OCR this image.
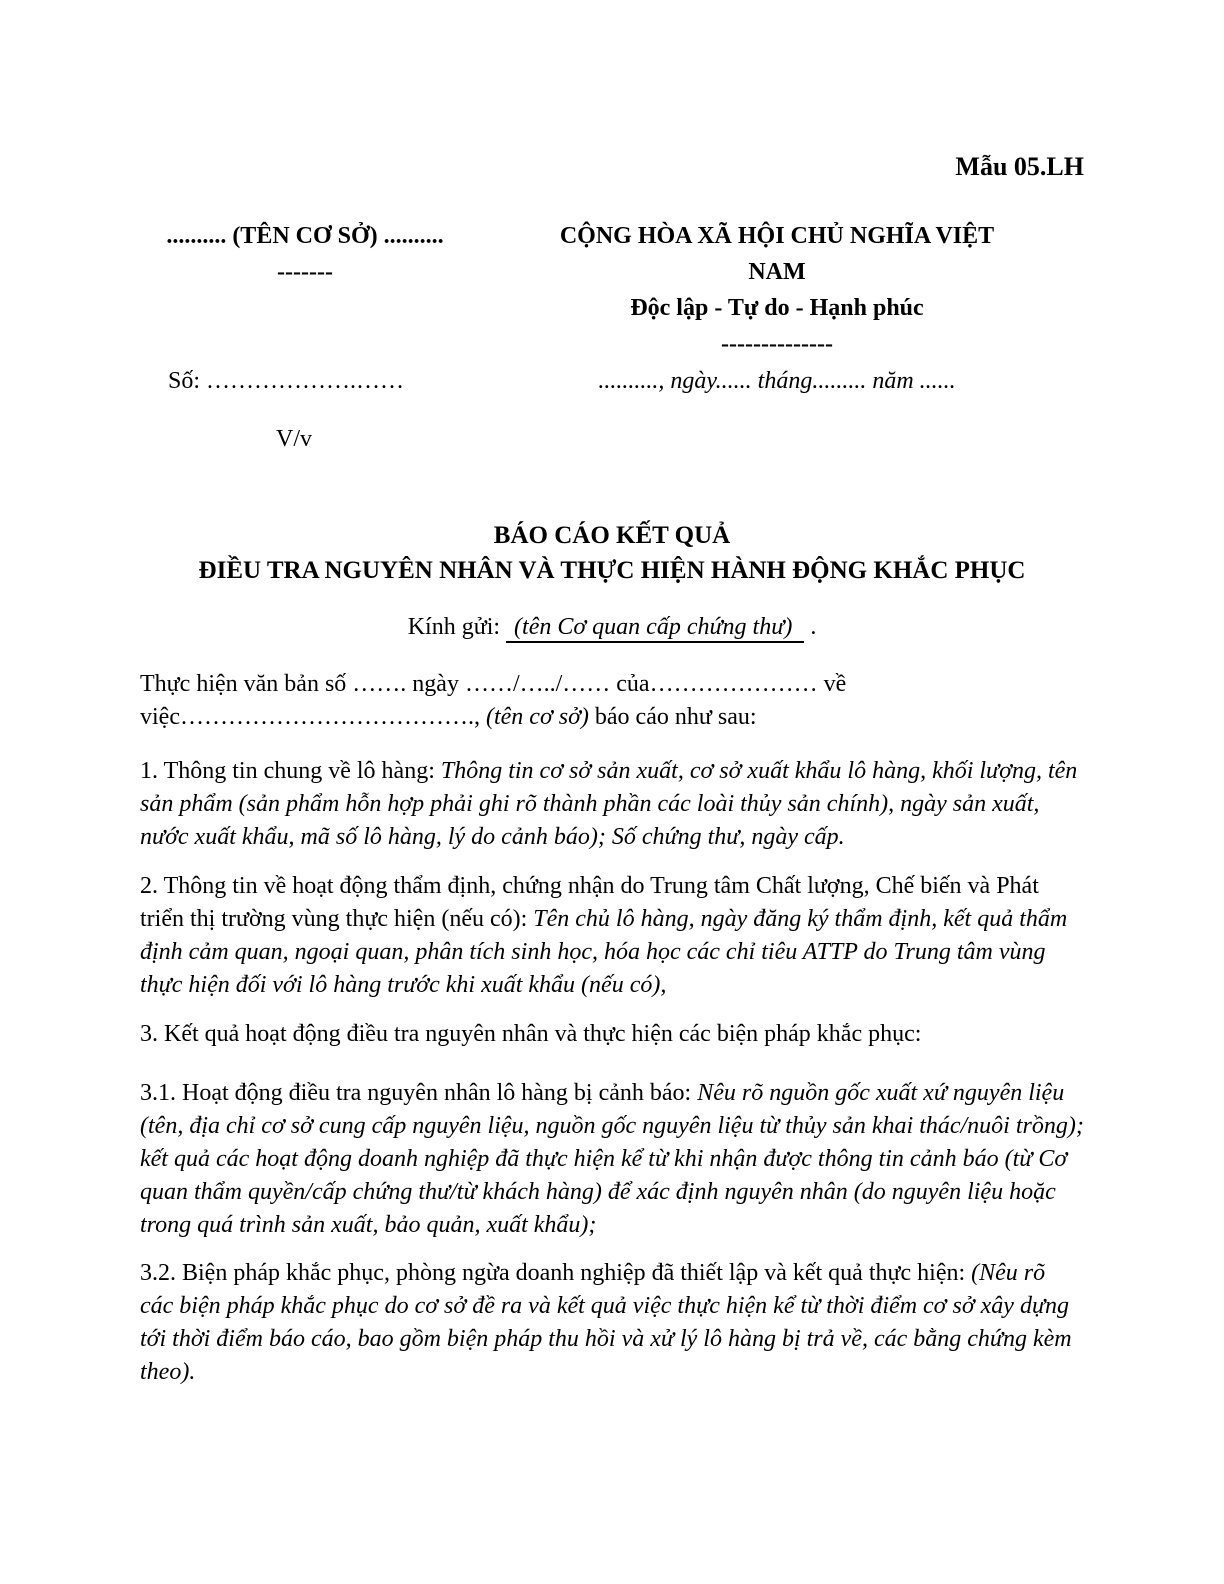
Mẫu 05.LH
.......... (TÊN CƠ SỞ) ..........
-------
CỘNG HÒA XÃ HỘI CHỦ NGHĨA VIỆT
NAM
Độc lập - Tự do - Hạnh phúc
--------------
Số: ……………….……	.........., ngày...... tháng......... năm ......
V/v
BÁO CÁO KẾT QUẢ
ĐIỀU TRA NGUYÊN NHÂN VÀ THỰC HIỆN HÀNH ĐỘNG KHẮC PHỤC
Kính gửi: (tên Cơ quan cấp chứng thư) .

Thực hiện văn bản số ……. ngày ……/…../…… của………………… về việc………………………………., (tên cơ sở) báo cáo như sau:

1. Thông tin chung về lô hàng: Thông tin cơ sở sản xuất, cơ sở xuất khẩu lô hàng, khối lượng, tên sản phẩm (sản phẩm hỗn hợp phải ghi rõ thành phần các loài thủy sản chính), ngày sản xuất, nước xuất khẩu, mã số lô hàng, lý do cảnh báo); Số chứng thư, ngày cấp.

2. Thông tin về hoạt động thẩm định, chứng nhận do Trung tâm Chất lượng, Chế biến và Phát triển thị trường vùng thực hiện (nếu có): Tên chủ lô hàng, ngày đăng ký thẩm định, kết quả thẩm định cảm quan, ngoại quan, phân tích sinh học, hóa học các chỉ tiêu ATTP do Trung tâm vùng thực hiện đối với lô hàng trước khi xuất khẩu (nếu có),

3. Kết quả hoạt động điều tra nguyên nhân và thực hiện các biện pháp khắc phục:

3.1. Hoạt động điều tra nguyên nhân lô hàng bị cảnh báo: Nêu rõ nguồn gốc xuất xứ nguyên liệu (tên, địa chỉ cơ sở cung cấp nguyên liệu, nguồn gốc nguyên liệu từ thủy sản khai thác/nuôi trồng); kết quả các hoạt động doanh nghiệp đã thực hiện kể từ khi nhận được thông tin cảnh báo (từ Cơ quan thẩm quyền/cấp chứng thư/từ khách hàng) để xác định nguyên nhân (do nguyên liệu hoặc trong quá trình sản xuất, bảo quản, xuất khẩu);

3.2. Biện pháp khắc phục, phòng ngừa doanh nghiệp đã thiết lập và kết quả thực hiện: (Nêu rõ các biện pháp khắc phục do cơ sở đề ra và kết quả việc thực hiện kể từ thời điểm cơ sở xây dựng tới thời điểm báo cáo, bao gồm biện pháp thu hồi và xử lý lô hàng bị trả về, các bằng chứng kèm theo).
